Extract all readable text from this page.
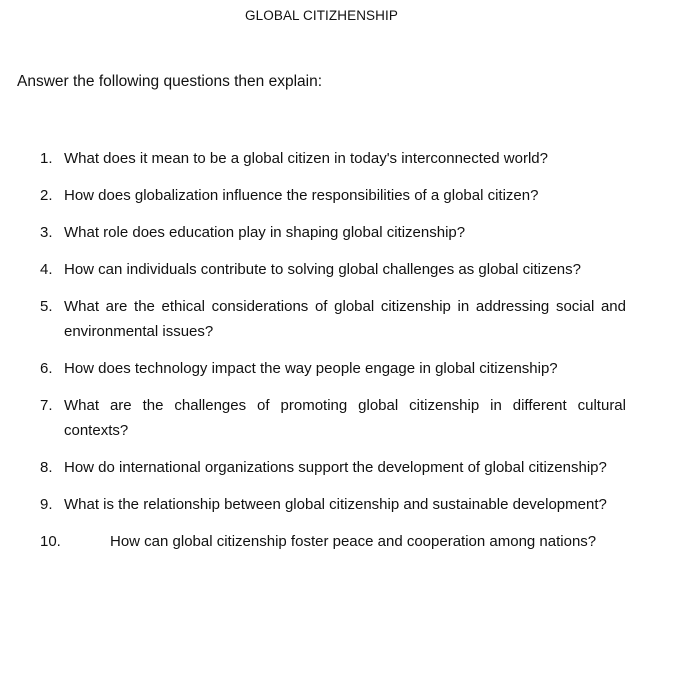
GLOBAL CITIZHENSHIP
Answer the following questions then explain:
1. What does it mean to be a global citizen in today's interconnected world?
2. How does globalization influence the responsibilities of a global citizen?
3. What role does education play in shaping global citizenship?
4. How can individuals contribute to solving global challenges as global citizens?
5. What are the ethical considerations of global citizenship in addressing social and environmental issues?
6. How does technology impact the way people engage in global citizenship?
7. What are the challenges of promoting global citizenship in different cultural contexts?
8. How do international organizations support the development of global citizenship?
9. What is the relationship between global citizenship and sustainable development?
10.	How can global citizenship foster peace and cooperation among nations?
